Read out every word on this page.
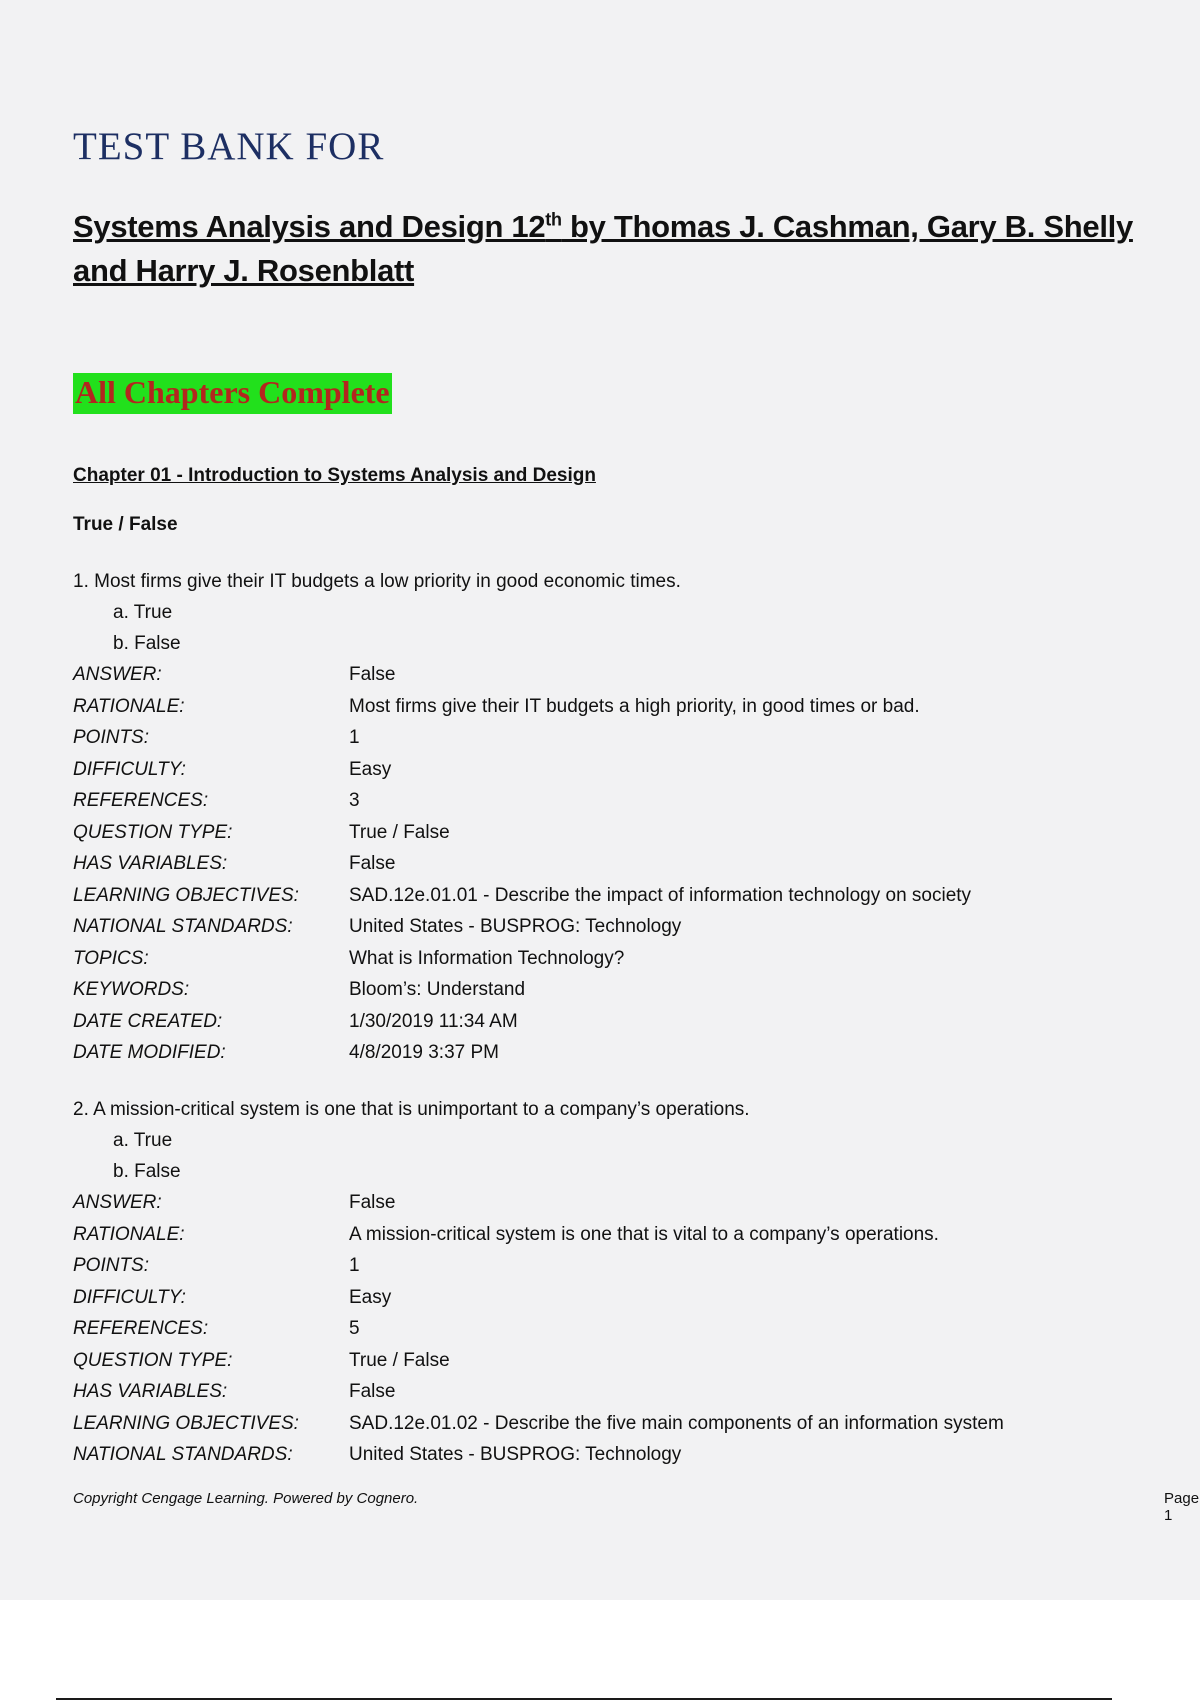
TEST BANK FOR
Systems Analysis and Design 12th by Thomas J. Cashman, Gary B. Shelly and Harry J. Rosenblatt
All Chapters Complete
Chapter 01 - Introduction to Systems Analysis and Design
True / False
1. Most firms give their IT budgets a low priority in good economic times.
a. True
b. False
ANSWER:	False
RATIONALE:	Most firms give their IT budgets a high priority, in good times or bad.
POINTS:	1
DIFFICULTY:	Easy
REFERENCES:	3
QUESTION TYPE:	True / False
HAS VARIABLES:	False
LEARNING OBJECTIVES:	SAD.12e.01.01 - Describe the impact of information technology on society
NATIONAL STANDARDS:	United States - BUSPROG: Technology
TOPICS:	What is Information Technology?
KEYWORDS:	Bloom’s: Understand
DATE CREATED:	1/30/2019 11:34 AM
DATE MODIFIED:	4/8/2019 3:37 PM
2. A mission-critical system is one that is unimportant to a company’s operations.
a. True
b. False
ANSWER:	False
RATIONALE:	A mission-critical system is one that is vital to a company’s operations.
POINTS:	1
DIFFICULTY:	Easy
REFERENCES:	5
QUESTION TYPE:	True / False
HAS VARIABLES:	False
LEARNING OBJECTIVES:	SAD.12e.01.02 - Describe the five main components of an information system
NATIONAL STANDARDS:	United States - BUSPROG: Technology
Copyright Cengage Learning. Powered by Cognero.	Page 1
